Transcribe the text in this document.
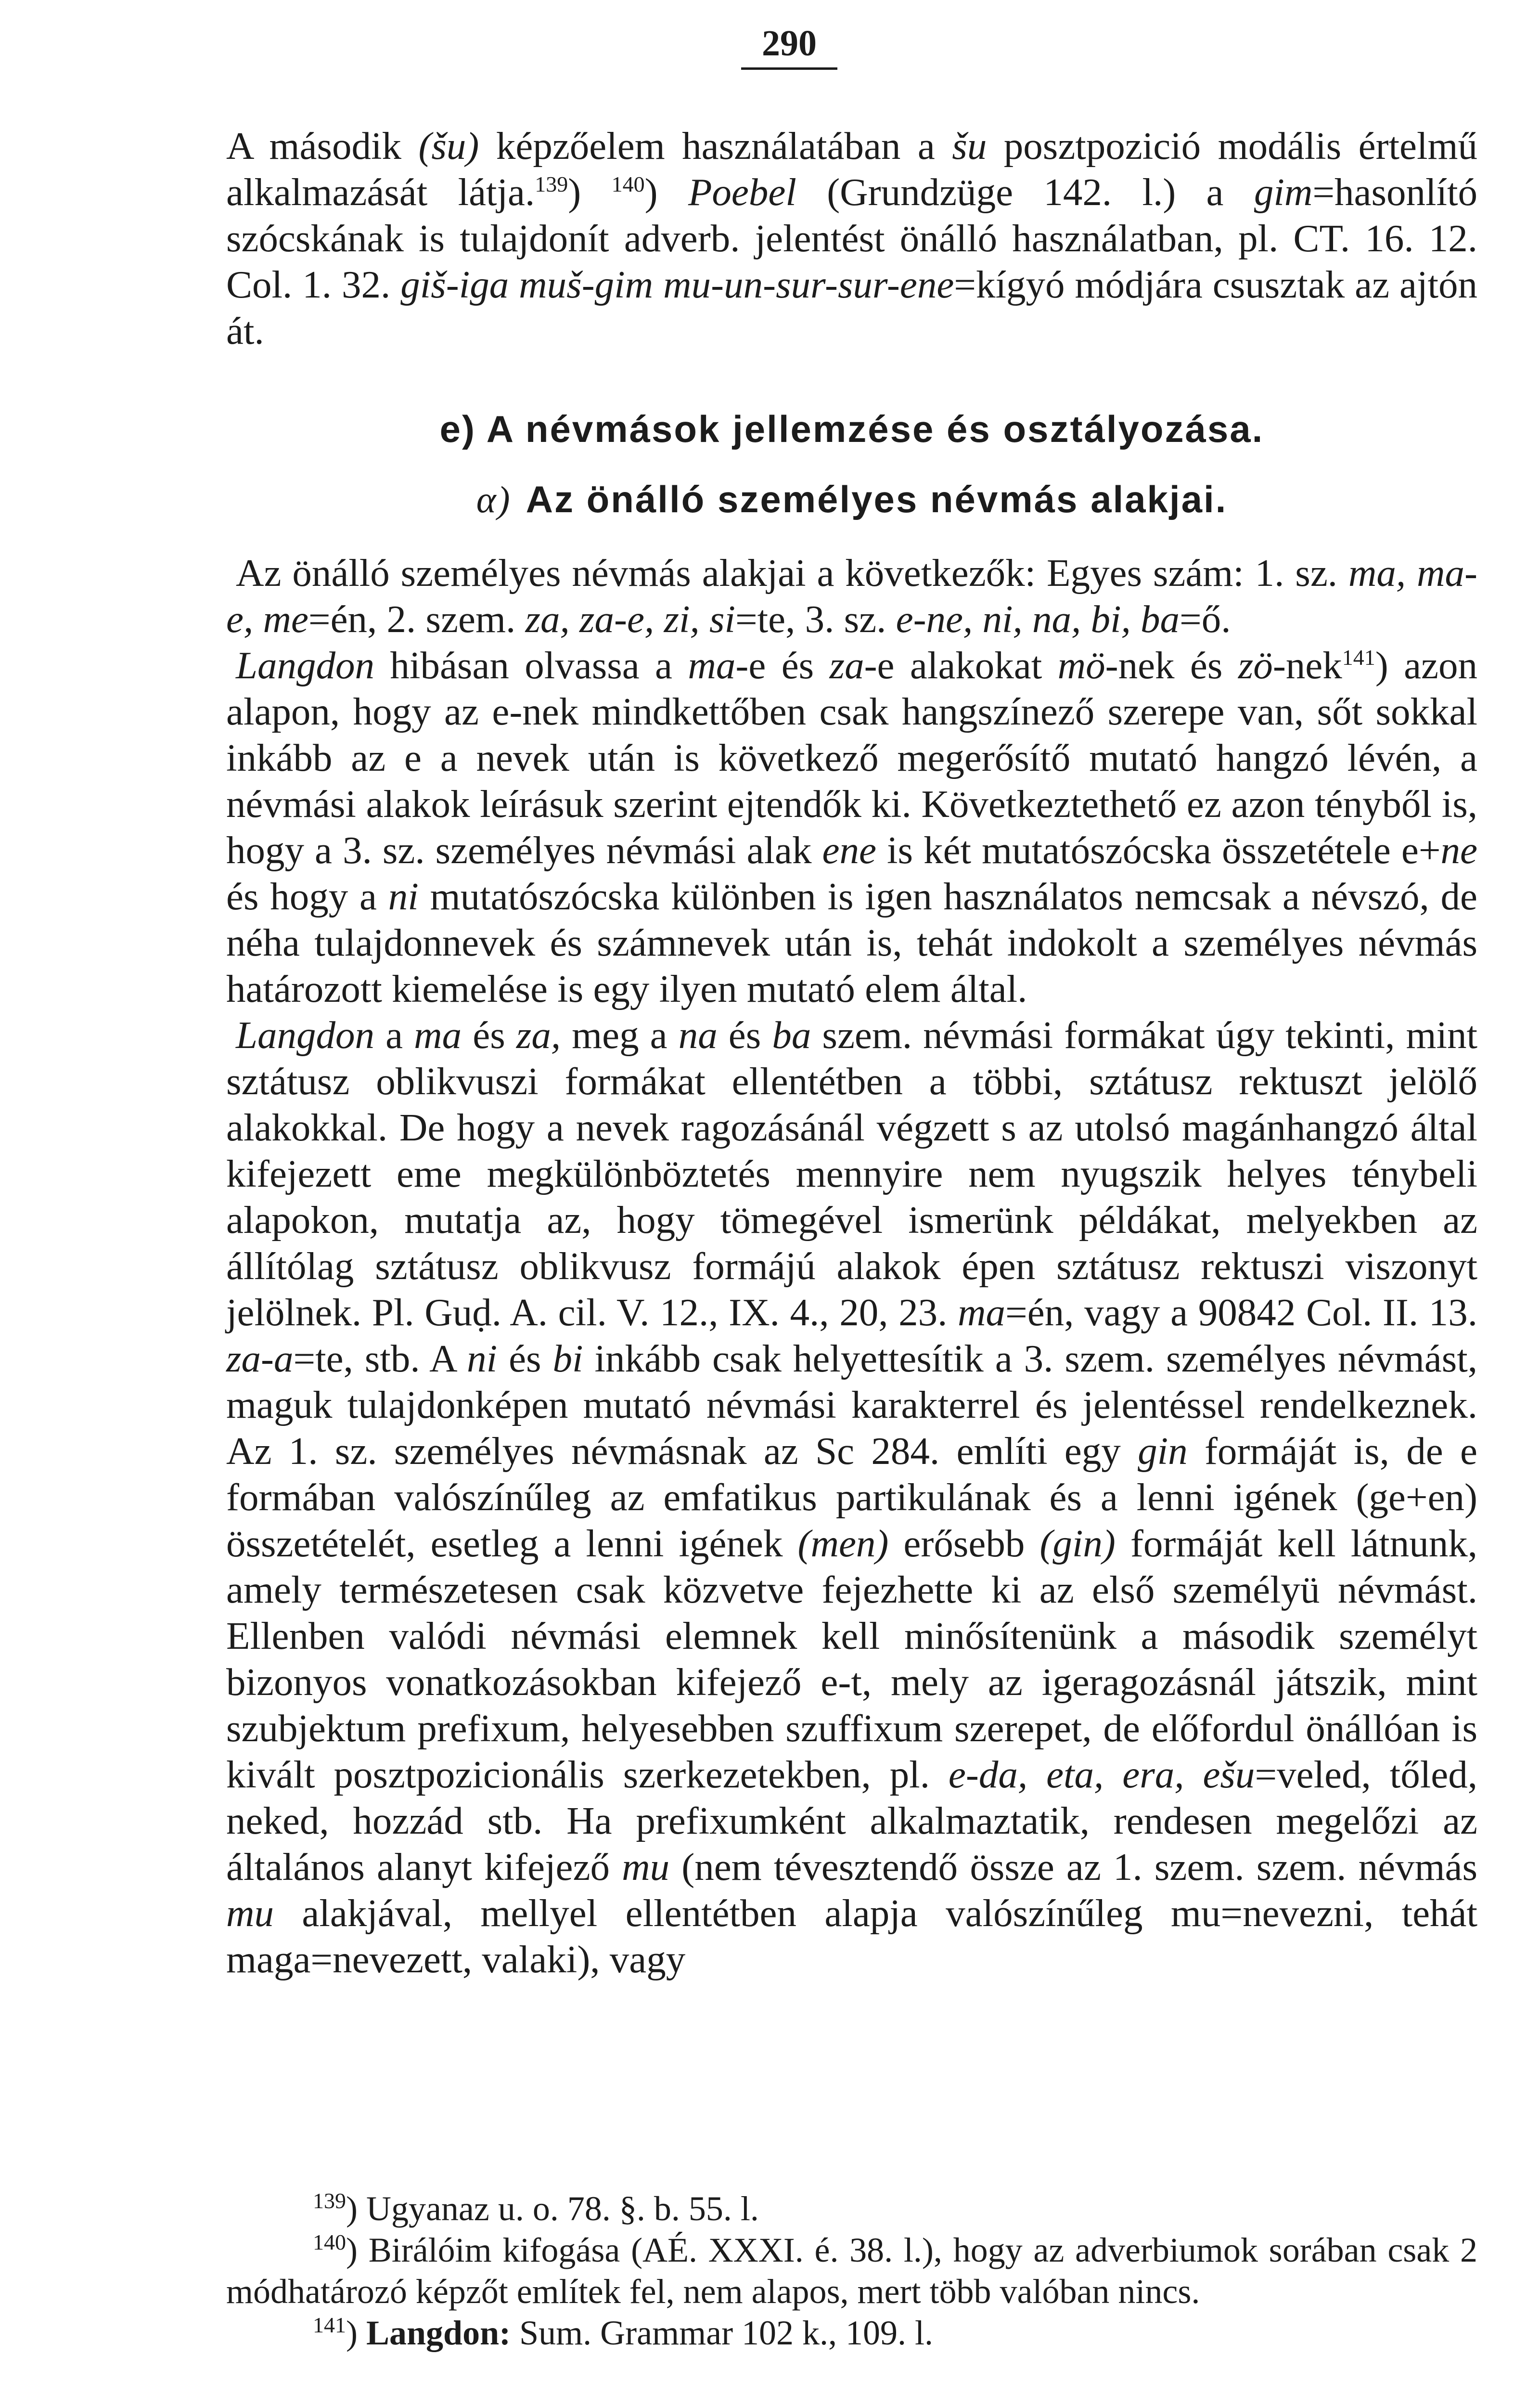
290

A második (šu) képzőelem használatában a šu posztpozició modális értelmű alkalmazását látja.$^{139}$) $^{140}$) Poebel (Grundzüge 142. l.) a gim=hasonlító szócskának is tulajdonít adverb. jelentést önálló használatban, pl. CT. 16. 12. Col. 1. 32. giš-iga muš-gim mu-un-sur-sur-ene=kígyó módjára csusztak az ajtón át.

e) A névmások jellemzése és osztályozása.
α) Az önálló személyes névmás alakjai.

Az önálló személyes névmás alakjai a következők: Egyes szám: 1. sz. ma, ma-e, me=én, 2. szem. za, za-e, zi, si=te, 3. sz. e-ne, ni, na, bi, ba=ő.

Langdon hibásan olvassa a ma-e és za-e alakokat mö-nek és zö-nek$^{141}$) azon alapon, hogy az e-nek mindkettőben csak hangszínező szerepe van, sőt sokkal inkább az e a nevek után is következő megerősítő mutató hangzó lévén, a névmási alakok leírásuk szerint ejtendők ki. Következtethető ez azon tényből is, hogy a 3. sz. személyes névmási alak ene is két mutatószócska összetétele e+ne és hogy a ni mutatószócska különben is igen használatos nemcsak a névszó, de néha tulajdonnevek és számnevek után is, tehát indokolt a személyes névmás határozott kiemelése is egy ilyen mutató elem által.

Langdon a ma és za, meg a na és ba szem. névmási formákat úgy tekinti, mint sztátusz oblikvuszi formákat ellentétben a többi, sztátusz rektuszt jelölő alakokkal. De hogy a nevek ragozásánál végzett s az utolsó magánhangzó által kifejezett eme megkülönböztetés mennyire nem nyugszik helyes ténybeli alapokon, mutatja az, hogy tömegével ismerünk példákat, melyekben az állítólag sztátusz oblikvusz formájú alakok épen sztátusz rektuszi viszonyt jelölnek. Pl. Guḍ. A. cil. V. 12., IX. 4., 20, 23. ma=én, vagy a 90842 Col. II. 13. za-a=te, stb. A ni és bi inkább csak helyettesítik a 3. szem. személyes névmást, maguk tulajdonképen mutató névmási karakterrel és jelentéssel rendelkeznek. Az 1. sz. személyes névmásnak az Sc 284. említi egy gin formáját is, de e formában valószínűleg az emfatikus partikulának és a lenni igének (ge+en) összetételét, esetleg a lenni igének (men) erősebb (gin) formáját kell látnunk, amely természetesen csak közvetve fejezhette ki az első személyü névmást. Ellenben valódi névmási elemnek kell minősítenünk a második személyt bizonyos vonatkozásokban kifejező e-t, mely az igeragozásnál játszik, mint szubjektum prefixum, helyesebben szuffixum szerepet, de előfordul önállóan is kivált posztpozicionális szerkezetekben, pl. e-da, eta, era, ešu=veled, tőled, neked, hozzád stb. Ha prefixumként alkalmaztatik, rendesen megelőzi az általános alanyt kifejező mu (nem tévesztendő össze az 1. szem. szem. névmás mu alakjával, mellyel ellentétben alapja valószínűleg mu=nevezni, tehát maga=nevezett, valaki), vagy

$^{139}$) Ugyanaz u. o. 78. §. b. 55. l.

$^{140}$) Birálóim kifogása (AÉ. XXXI. é. 38. l.), hogy az adverbiumok sorában csak 2 módhatározó képzőt említek fel, nem alapos, mert több valóban nincs.

$^{141}$) Langdon: Sum. Grammar 102 k., 109. l.
